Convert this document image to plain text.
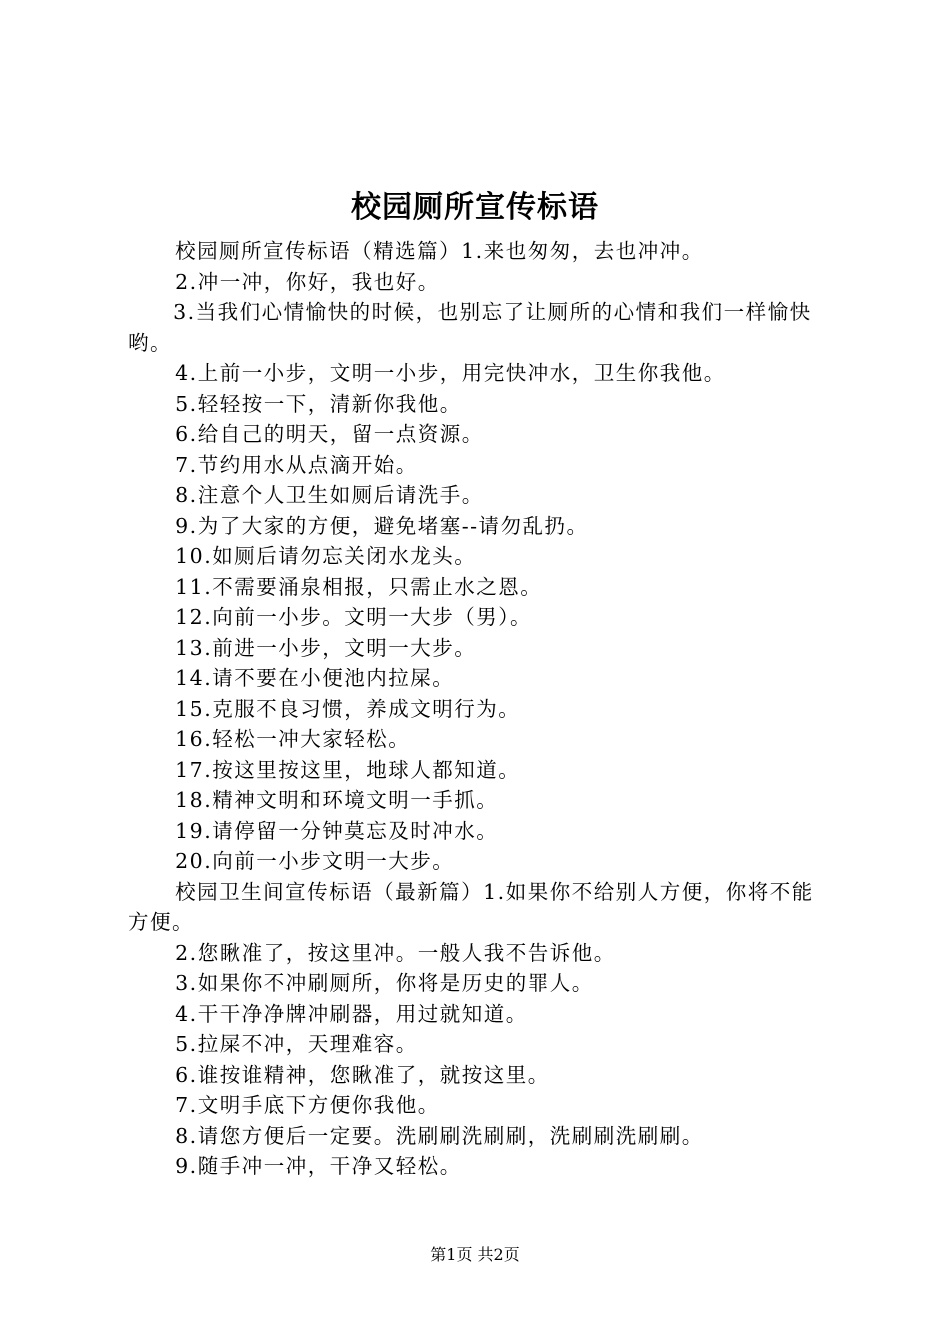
校园厕所宣传标语

校园厕所宣传标语（精选篇）1.来也匆匆，去也冲冲。

2.冲一冲，你好，我也好。

3.当我们心情愉快的时候，也别忘了让厕所的心情和我们一样愉快哟。

4.上前一小步，文明一小步，用完快冲水，卫生你我他。

5.轻轻按一下，清新你我他。

6.给自己的明天，留一点资源。

7.节约用水从点滴开始。

8.注意个人卫生如厕后请洗手。

9.为了大家的方便，避免堵塞--请勿乱扔。

10.如厕后请勿忘关闭水龙头。

11.不需要涌泉相报，只需止水之恩。

12.向前一小步。文明一大步（男）。

13.前进一小步，文明一大步。

14.请不要在小便池内拉屎。

15.克服不良习惯，养成文明行为。

16.轻松一冲大家轻松。

17.按这里按这里，地球人都知道。

18.精神文明和环境文明一手抓。

19.请停留一分钟莫忘及时冲水。

20.向前一小步文明一大步。

校园卫生间宣传标语（最新篇）1.如果你不给别人方便，你将不能方便。

2.您瞅准了，按这里冲。一般人我不告诉他。

3.如果你不冲刷厕所，你将是历史的罪人。

4.干干净净牌冲刷器，用过就知道。

5.拉屎不冲，天理难容。

6.谁按谁精神，您瞅准了，就按这里。

7.文明手底下方便你我他。

8.请您方便后一定要。洗刷刷洗刷刷，洗刷刷洗刷刷。

9.随手冲一冲，干净又轻松。

第1页 共2页
